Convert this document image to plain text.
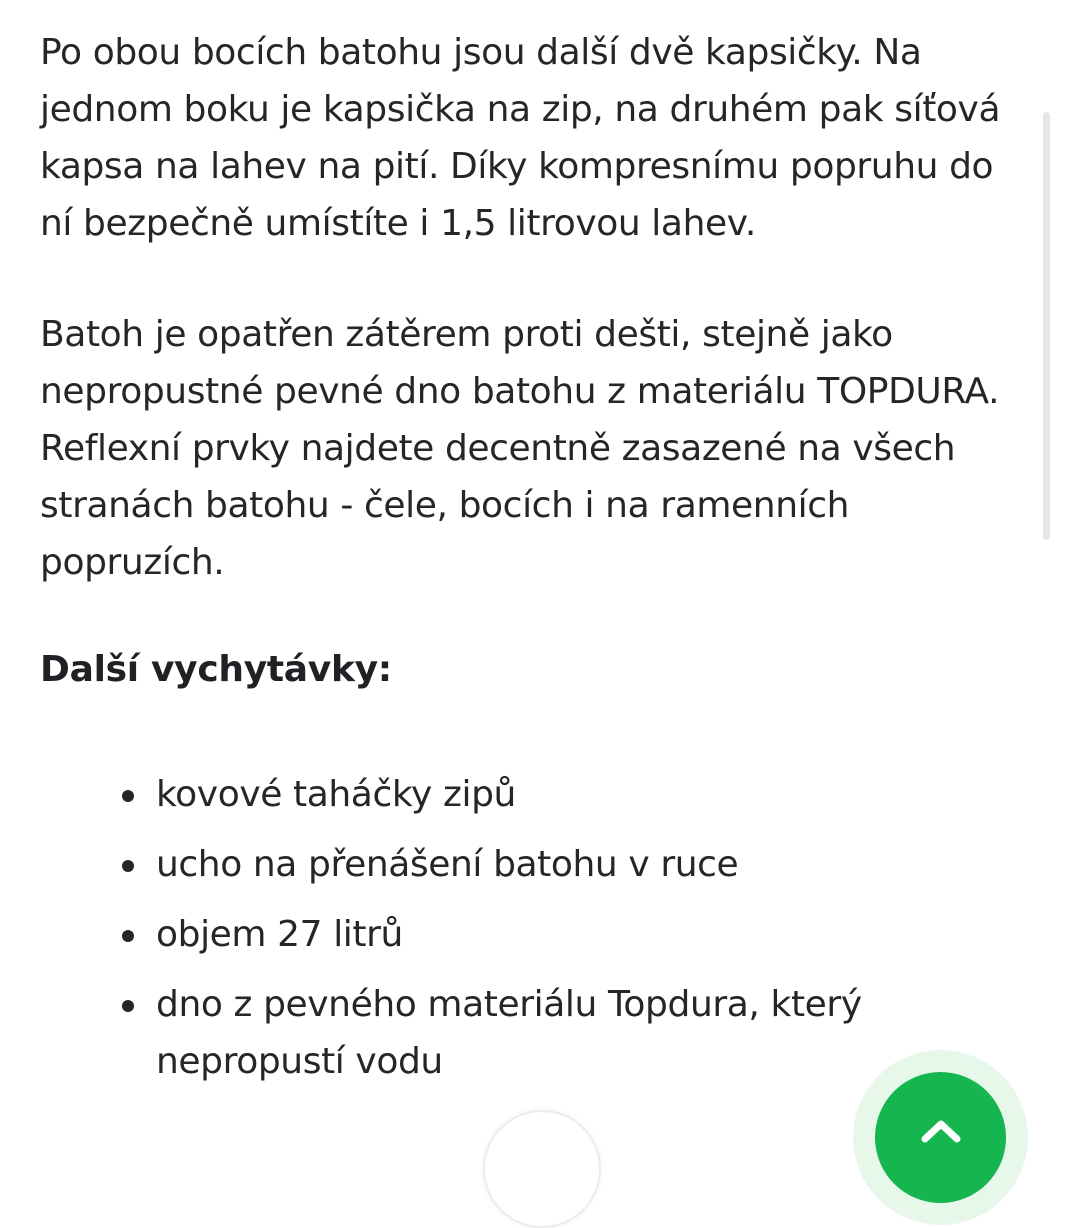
Po obou bocích batohu jsou další dvě kapsičky. Na jednom boku je kapsička na zip, na druhém pak síťová kapsa na lahev na pití. Díky kompresnímu popruhu do ní bezpečně umístíte i 1,5 litrovou lahev.

Batoh je opatřen zátěrem proti dešti, stejně jako nepropustné pevné dno batohu z materiálu TOPDURA. Reflexní prvky najdete decentně zasazené na všech stranách batohu - čele, bocích i na ramenních popruzích.

Další vychytávky:
kovové taháčky zipů
ucho na přenášení batohu v ruce
objem 27 litrů
dno z pevného materiálu Topdura, který nepropustí vodu
